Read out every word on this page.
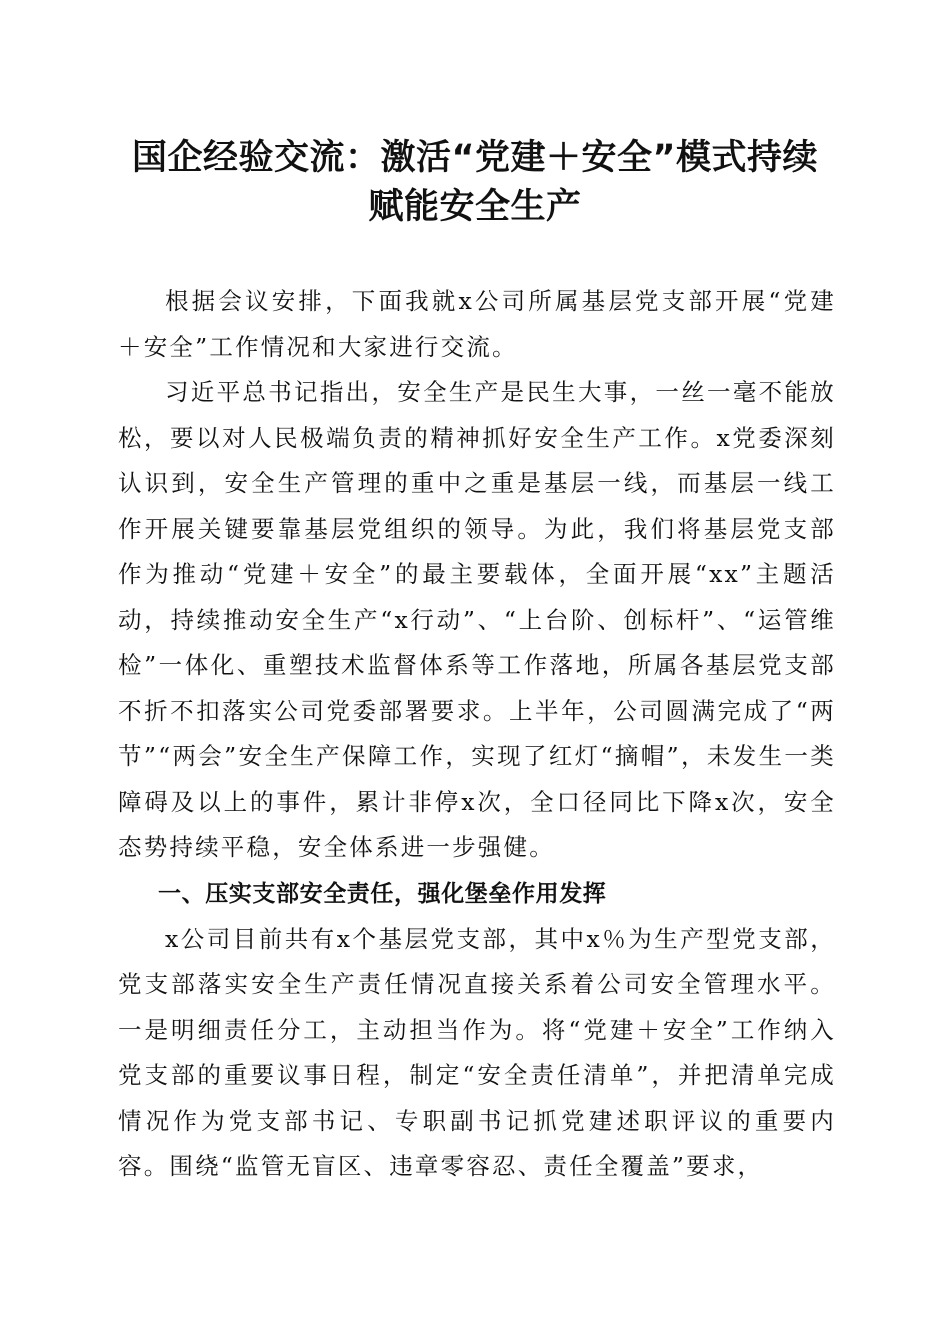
国企经验交流：激活“党建＋安全”模式持续
赋能安全生产

根据会议安排，下面我就x公司所属基层党支部开展“党建＋安全”工作情况和大家进行交流。

习近平总书记指出，安全生产是民生大事，一丝一毫不能放松，要以对人民极端负责的精神抓好安全生产工作。x党委深刻认识到，安全生产管理的重中之重是基层一线，而基层一线工作开展关键要靠基层党组织的领导。为此，我们将基层党支部作为推动“党建＋安全”的最主要载体，全面开展“xx”主题活动，持续推动安全生产“x行动”、“上台阶、创标杆”、“运管维检”一体化、重塑技术监督体系等工作落地，所属各基层党支部不折不扣落实公司党委部署要求。上半年，公司圆满完成了“两节”“两会”安全生产保障工作，实现了红灯“摘帽”，未发生一类障碍及以上的事件，累计非停x次，全口径同比下降x次，安全态势持续平稳，安全体系进一步强健。

一、压实支部安全责任，强化堡垒作用发挥

x公司目前共有x个基层党支部，其中x％为生产型党支部，党支部落实安全生产责任情况直接关系着公司安全管理水平。一是明细责任分工，主动担当作为。将“党建＋安全”工作纳入党支部的重要议事日程，制定“安全责任清单”，并把清单完成情况作为党支部书记、专职副书记抓党建述职评议的重要内容。围绕“监管无盲区、违章零容忍、责任全覆盖”要求，
